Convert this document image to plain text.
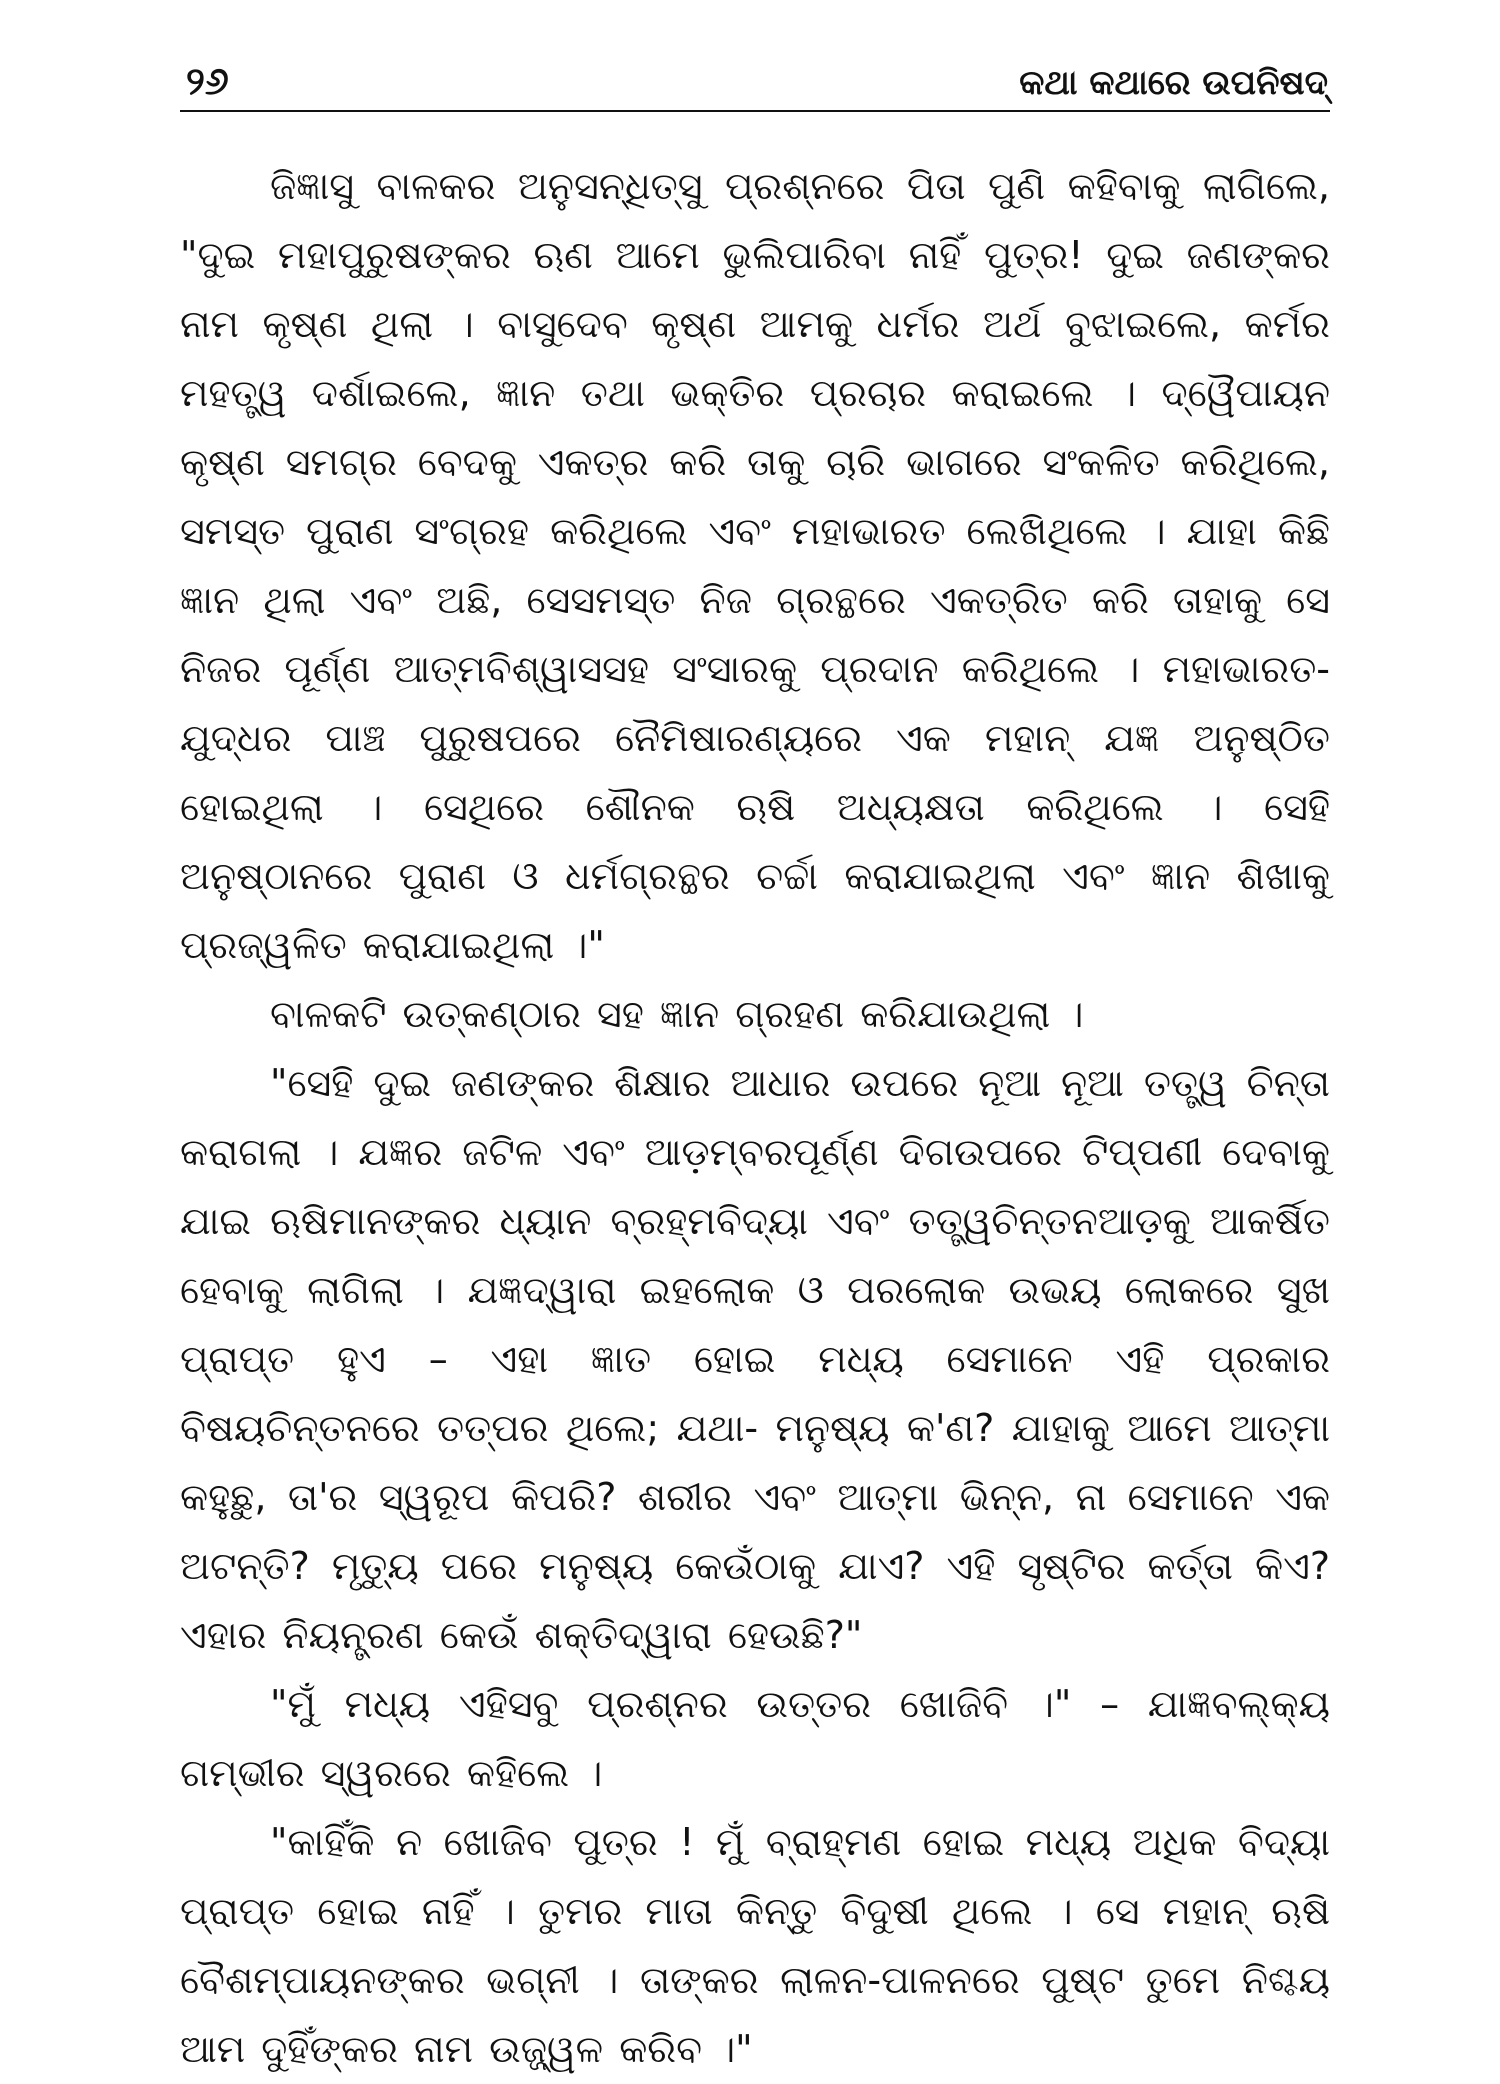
୨୬	କଥା କଥାରେ ଉପନିଷଦ୍‌

ଜିଜ୍ଞାସୁ ବାଳକର ଅନୁସନ୍ଧିତ୍ସୁ ପ୍ରଶ୍ନରେ ପିତା ପୁଣି କହିବାକୁ ଲାଗିଲେ, "ଦୁଇ ମହାପୁରୁଷଙ୍କର ଋଣ ଆମେ ଭୁଲିପାରିବା ନାହିଁ ପୁତ୍ର! ଦୁଇ ଜଣଙ୍କର ନାମ କୃଷ୍ଣ ଥିଲା । ବାସୁଦେବ କୃଷ୍ଣ ଆମକୁ ଧର୍ମର ଅର୍ଥ ବୁଝାଇଲେ, କର୍ମର ମହତ୍ତ୍ୱ ଦର୍ଶାଇଲେ, ଜ୍ଞାନ ତଥା ଭକ୍ତିର ପ୍ରଚାର କରାଇଲେ । ଦ୍ୱୈପାୟନ କୃଷ୍ଣ ସମଗ୍ର ବେଦକୁ ଏକତ୍ର କରି ତାକୁ ଚାରି ଭାଗରେ ସଂକଳିତ କରିଥିଲେ, ସମସ୍ତ ପୁରାଣ ସଂଗ୍ରହ କରିଥିଲେ ଏବଂ ମହାଭାରତ ଲେଖିଥିଲେ । ଯାହା କିଛି ଜ୍ଞାନ ଥିଲା ଏବଂ ଅଛି, ସେସମସ୍ତ ନିଜ ଗ୍ରନ୍ଥରେ ଏକତ୍ରିତ କରି ତାହାକୁ ସେ ନିଜର ପୂର୍ଣ୍ଣ ଆତ୍ମବିଶ୍ୱାସସହ ସଂସାରକୁ ପ୍ରଦାନ କରିଥିଲେ । ମହାଭାରତ-ଯୁଦ୍ଧର ପାଞ୍ଚ ପୁରୁଷପରେ ନୈମିଷାରଣ୍ୟରେ ଏକ ମହାନ୍ ଯଜ୍ଞ ଅନୁଷ୍ଠିତ ହୋଇଥିଲା । ସେଥିରେ ଶୌନକ ଋଷି ଅଧ୍ୟକ୍ଷତା କରିଥିଲେ । ସେହି ଅନୁଷ୍ଠାନରେ ପୁରାଣ ଓ ଧର୍ମଗ୍ରନ୍ଥର ଚର୍ଚ୍ଚା କରାଯାଇଥିଲା ଏବଂ ଜ୍ଞାନ ଶିଖାକୁ ପ୍ରଜ୍ୱଳିତ କରାଯାଇଥିଲା ।"

ବାଳକଟି ଉତ୍କଣ୍ଠାର ସହ ଜ୍ଞାନ ଗ୍ରହଣ କରିଯାଉଥିଲା ।

"ସେହି ଦୁଇ ଜଣଙ୍କର ଶିକ୍ଷାର ଆଧାର ଉପରେ ନୂଆ ନୂଆ ତତ୍ତ୍ୱ ଚିନ୍ତା କରାଗଲା । ଯଜ୍ଞର ଜଟିଳ ଏବଂ ଆଡ଼ମ୍ବରପୂର୍ଣ୍ଣ ଦିଗଉପରେ ଟିପ୍ପଣୀ ଦେବାକୁ ଯାଇ ଋଷିମାନଙ୍କର ଧ୍ୟାନ ବ୍ରହ୍ମବିଦ୍ୟା ଏବଂ ତତ୍ତ୍ୱଚିନ୍ତନଆଡ଼କୁ ଆକର୍ଷିତ ହେବାକୁ ଲାଗିଲା । ଯଜ୍ଞଦ୍ୱାରା ଇହଲୋକ ଓ ପରଲୋକ ଉଭୟ ଲୋକରେ ସୁଖ ପ୍ରାପ୍ତ ହୁଏ – ଏହା ଜ୍ଞାତ ହୋଇ ମଧ୍ୟ ସେମାନେ ଏହି ପ୍ରକାର ବିଷୟଚିନ୍ତନରେ ତତ୍ପର ଥିଲେ; ଯଥା- ମନୁଷ୍ୟ କ'ଣ? ଯାହାକୁ ଆମେ ଆତ୍ମା କହୁଛୁ, ତା'ର ସ୍ୱରୂପ କିପରି? ଶରୀର ଏବଂ ଆତ୍ମା ଭିନ୍ନ, ନା ସେମାନେ ଏକ ଅଟନ୍ତି? ମୃତ୍ୟୁ ପରେ ମନୁଷ୍ୟ କେଉଁଠାକୁ ଯାଏ? ଏହି ସୃଷ୍ଟିର କର୍ତ୍ତା କିଏ? ଏହାର ନିୟନ୍ତ୍ରଣ କେଉଁ ଶକ୍ତିଦ୍ୱାରା ହେଉଛି?"

"ମୁଁ ମଧ୍ୟ ଏହିସବୁ ପ୍ରଶ୍ନର ଉତ୍ତର ଖୋଜିବି ।" – ଯାଜ୍ଞବଲ୍କ୍ୟ ଗମ୍ଭୀର ସ୍ୱରରେ କହିଲେ ।

"କାହିଁକି ନ ଖୋଜିବ ପୁତ୍ର ! ମୁଁ ବ୍ରାହ୍ମଣ ହୋଇ ମଧ୍ୟ ଅଧିକ ବିଦ୍ୟା ପ୍ରାପ୍ତ ହୋଇ ନାହିଁ । ତୁମର ମାତା କିନ୍ତୁ ବିଦୁଷୀ ଥିଲେ । ସେ ମହାନ୍ ଋଷି ବୈଶମ୍ପାୟନଙ୍କର ଭଗ୍ନୀ । ତାଙ୍କର ଲାଳନ-ପାଳନରେ ପୁଷ୍ଟ ତୁମେ ନିଶ୍ଚୟ ଆମ ଦୁହିଁଙ୍କର ନାମ ଉଜ୍ଜ୍ୱଳ କରିବ ।"
